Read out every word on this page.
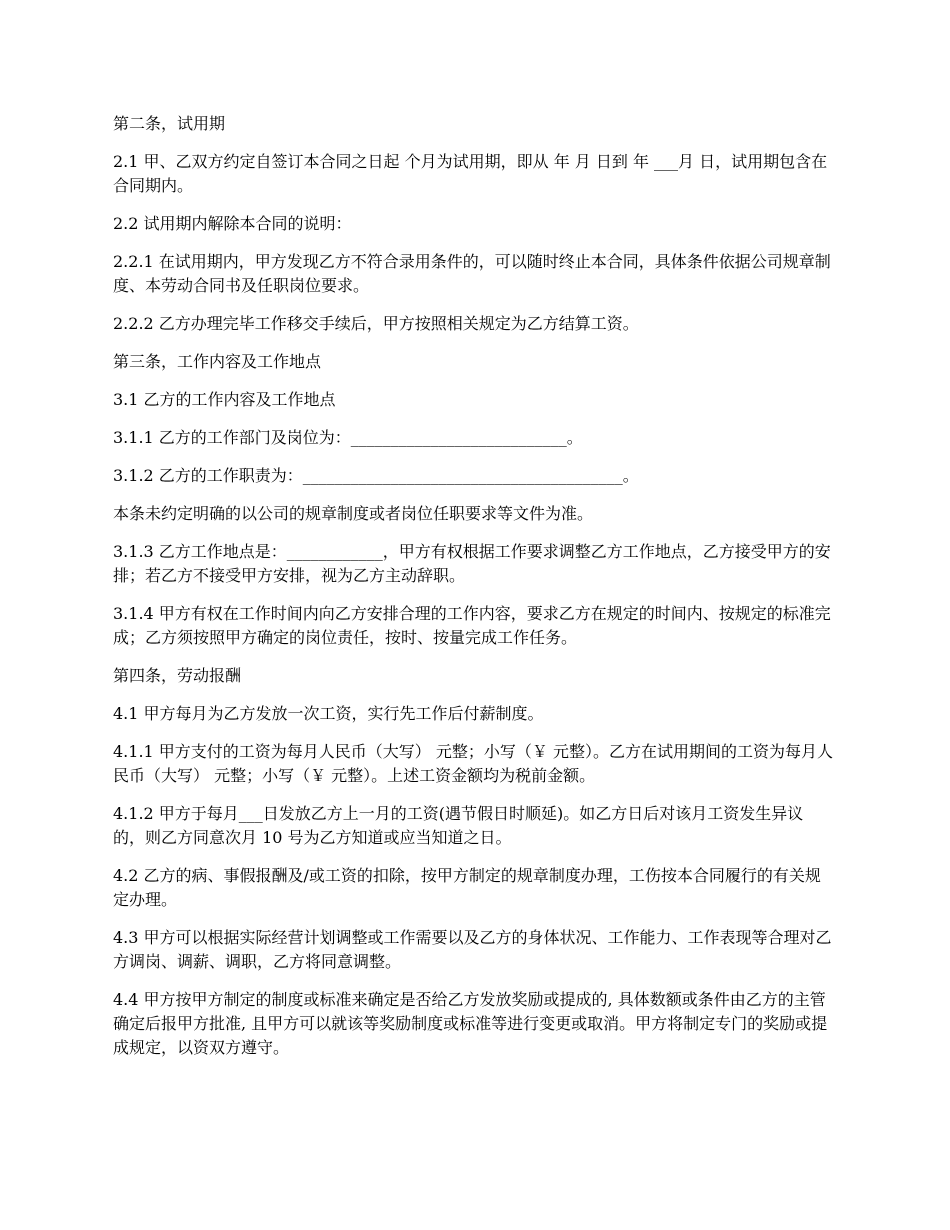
第二条，试用期

2.1 甲、乙双方约定自签订本合同之日起 个月为试用期，即从 年 月 日到 年 ___月 日，试用期包含在合同期内。

2.2 试用期内解除本合同的说明：

2.2.1 在试用期内，甲方发现乙方不符合录用条件的，可以随时终止本合同，具体条件依据公司规章制度、本劳动合同书及任职岗位要求。

2.2.2 乙方办理完毕工作移交手续后，甲方按照相关规定为乙方结算工资。

第三条，工作内容及工作地点

3.1 乙方的工作内容及工作地点

3.1.1 乙方的工作部门及岗位为：___________________________。

3.1.2 乙方的工作职责为：________________________________________。

本条未约定明确的以公司的规章制度或者岗位任职要求等文件为准。

3.1.3 乙方工作地点是：____________，甲方有权根据工作要求调整乙方工作地点，乙方接受甲方的安排；若乙方不接受甲方安排，视为乙方主动辞职。

3.1.4 甲方有权在工作时间内向乙方安排合理的工作内容，要求乙方在规定的时间内、按规定的标准完成；乙方须按照甲方确定的岗位责任，按时、按量完成工作任务。

第四条，劳动报酬

4.1 甲方每月为乙方发放一次工资，实行先工作后付薪制度。

4.1.1 甲方支付的工资为每月人民币（大写） 元整；小写（￥ 元整）。乙方在试用期间的工资为每月人民币（大写） 元整；小写（￥ 元整）。上述工资金额均为税前金额。

4.1.2 甲方于每月___日发放乙方上一月的工资(遇节假日时顺延)。如乙方日后对该月工资发生异议的，则乙方同意次月 10 号为乙方知道或应当知道之日。

4.2 乙方的病、事假报酬及/或工资的扣除，按甲方制定的规章制度办理，工伤按本合同履行的有关规定办理。

4.3 甲方可以根据实际经营计划调整或工作需要以及乙方的身体状况、工作能力、工作表现等合理对乙方调岗、调薪、调职，乙方将同意调整。

4.4 甲方按甲方制定的制度或标准来确定是否给乙方发放奖励或提成的, 具体数额或条件由乙方的主管确定后报甲方批准, 且甲方可以就该等奖励制度或标准等进行变更或取消。甲方将制定专门的奖励或提成规定，以资双方遵守。
